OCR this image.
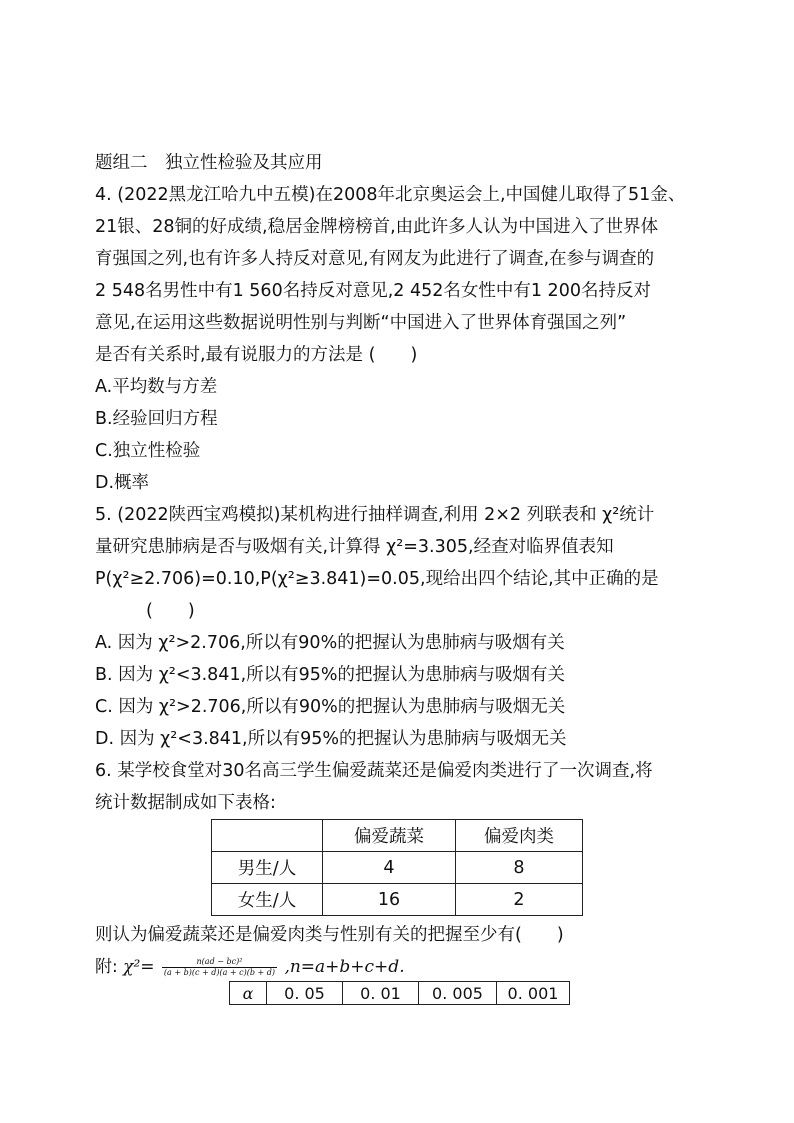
题组二　独立性检验及其应用
4. (2022黑龙江哈九中五模)在2008年北京奥运会上,中国健儿取得了51金、
21银、28铜的好成绩,稳居金牌榜榜首,由此许多人认为中国进入了世界体
育强国之列,也有许多人持反对意见,有网友为此进行了调查,在参与调查的
2 548名男性中有1 560名持反对意见,2 452名女性中有1 200名持反对
意见,在运用这些数据说明性别与判断“中国进入了世界体育强国之列”
是否有关系时,最有说服力的方法是 (　　)
A.平均数与方差
B.经验回归方程
C.独立性检验
D.概率
5. (2022陕西宝鸡模拟)某机构进行抽样调查,利用 2×2 列联表和 χ²统计
量研究患肺病是否与吸烟有关,计算得 χ²=3.305,经查对临界值表知
P(χ²≥2.706)=0.10,P(χ²≥3.841)=0.05,现给出四个结论,其中正确的是
(　　)
A. 因为 χ²>2.706,所以有90%的把握认为患肺病与吸烟有关
B. 因为 χ²<3.841,所以有95%的把握认为患肺病与吸烟有关
C. 因为 χ²>2.706,所以有90%的把握认为患肺病与吸烟无关
D. 因为 χ²<3.841,所以有95%的把握认为患肺病与吸烟无关
6. 某学校食堂对30名高三学生偏爱蔬菜还是偏爱肉类进行了一次调查,将
统计数据制成如下表格:
	偏爱蔬菜	偏爱肉类
男生/人	4	8
女生/人	16	2
则认为偏爱蔬菜还是偏爱肉类与性别有关的把握至少有(　　)
附: $\chi^2= \frac{\text{n(ad − bc)²}}{(a + b)(c + d)(a + c)(b + d)} ,n=a+b+c+d$.
α	0. 05	0. 01	0. 005	0. 001
